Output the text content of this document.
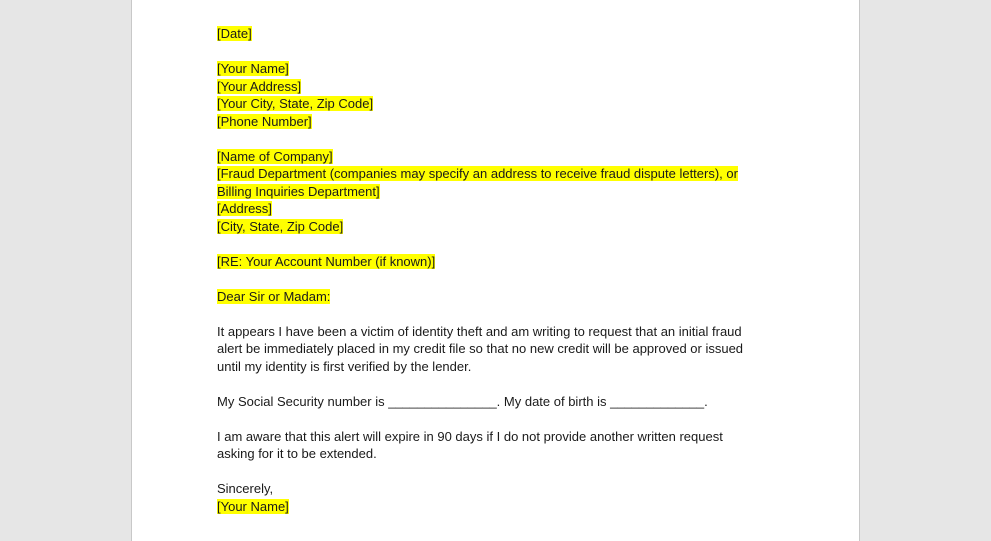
[Date]
[Your Name]
[Your Address]
[Your City, State, Zip Code]
[Phone Number]
[Name of Company]
[Fraud Department (companies may specify an address to receive fraud dispute letters), or
Billing Inquiries Department]
[Address]
[City, State, Zip Code]
[RE: Your Account Number (if known)]
Dear Sir or Madam:
It appears I have been a victim of identity theft and am writing to request that an initial fraud
alert be immediately placed in my credit file so that no new credit will be approved or issued
until my identity is first verified by the lender.
My Social Security number is _______________. My date of birth is _____________.
I am aware that this alert will expire in 90 days if I do not provide another written request
asking for it to be extended.
Sincerely,
[Your Name]
